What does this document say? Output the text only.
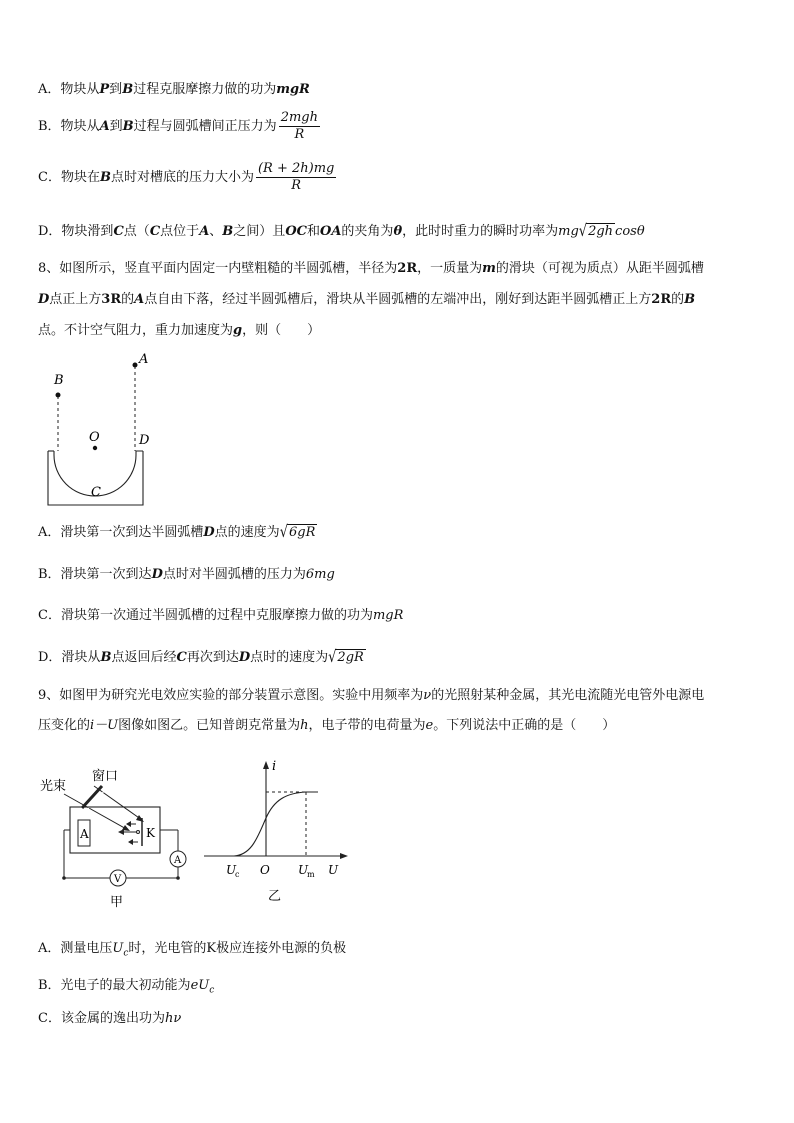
A．物块从P到B过程克服摩擦力做的功为mgR
B．物块从A到B过程与圆弧槽间正压力为 $\frac{\text{2mgh}}{R}$
C．物块在B点时对槽底的压力大小为 $\frac{(R + 2h)mg}{R}$
D．物块滑到C点（C点位于A、B之间）且OC和OA的夹角为θ，此时时重力的瞬时功率为mg√2gh cosθ
8、如图所示，竖直平面内固定一内壁粗糙的半圆弧槽，半径为2R，一质量为m的滑块（可视为质点）从距半圆弧槽
D点正上方3R的A点自由下落，经过半圆弧槽后，滑块从半圆弧槽的左端冲出，刚好到达距半圆弧槽正上方2R的B
点。不计空气阻力，重力加速度为g，则（　　）
B
A
O	D
C
A．滑块第一次到达半圆弧槽D点的速度为√6gR
B．滑块第一次到达D点时对半圆弧槽的压力为6mg
C．滑块第一次通过半圆弧槽的过程中克服摩擦力做的功为mgR
D．滑块从B点返回后经C再次到达D点时的速度为√2gR
9、如图甲为研究光电效应实验的部分装置示意图。实验中用频率为ν的光照射某种金属，其光电流随光电管外电源电
压变化的i－U图像如图乙。已知普朗克常量为h，电子带的电荷量为e。下列说法中正确的是（　　）
光束
窗口
A	K
A
V
甲
i
U
c O U
m U
乙
A．测量电压$U_c$时，光电管的K极应连接外电源的负极
B．光电子的最大初动能为$eU_c$
C．该金属的逸出功为hν
